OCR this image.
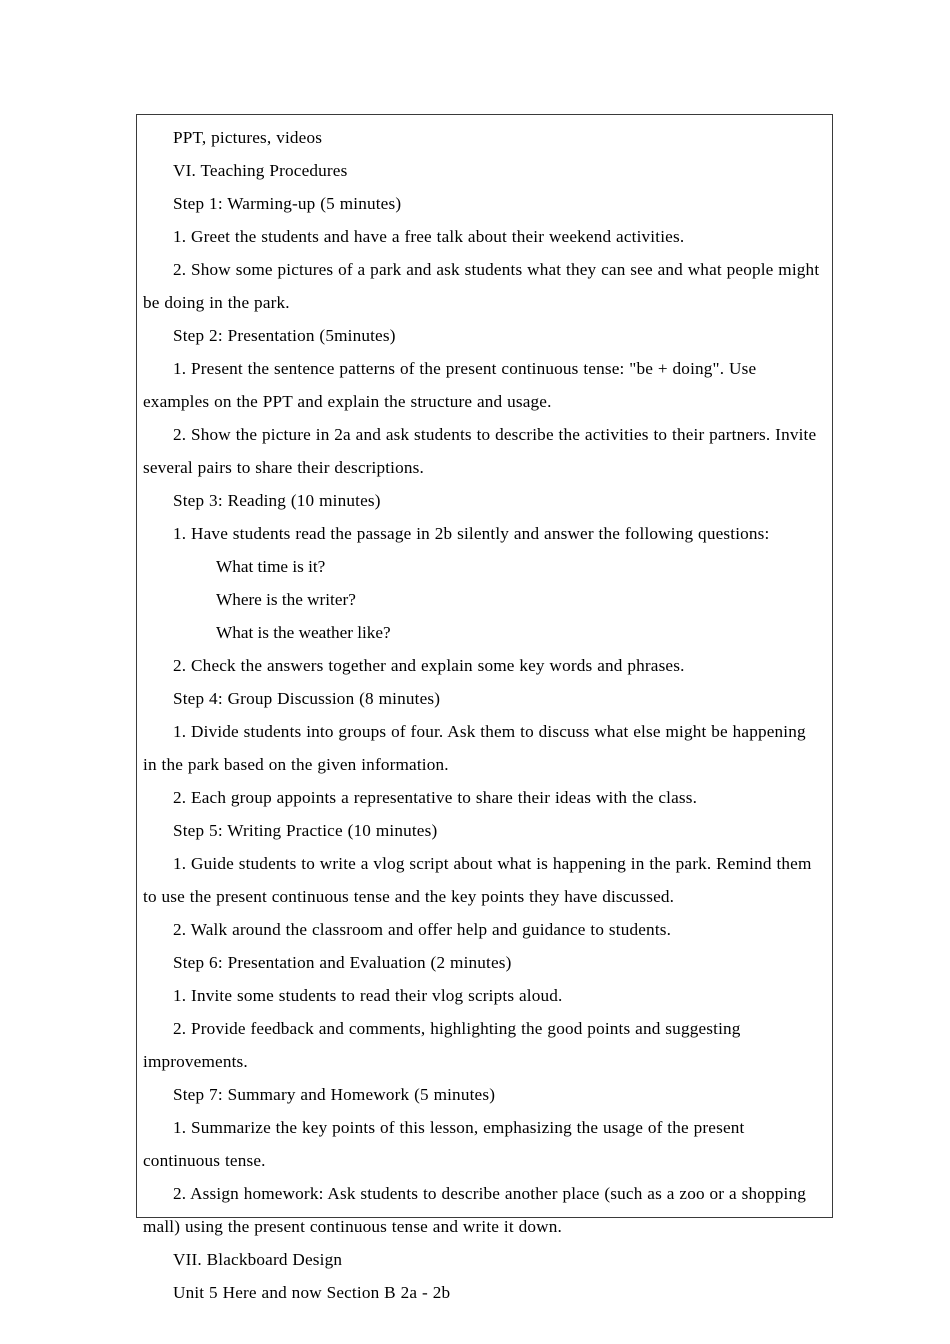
PPT, pictures, videos

VI. Teaching Procedures

Step 1: Warming-up (5 minutes)

1. Greet the students and have a free talk about their weekend activities.

2. Show some pictures of a park and ask students what they can see and what people might be doing in the park.

Step 2: Presentation (5minutes)

1. Present the sentence patterns of the present continuous tense: "be + doing". Use examples on the PPT and explain the structure and usage.

2. Show the picture in 2a and ask students to describe the activities to their partners. Invite several pairs to share their descriptions.

Step 3: Reading (10 minutes)

1. Have students read the passage in 2b silently and answer the following questions:

What time is it?

Where is the writer?

What is the weather like?

2. Check the answers together and explain some key words and phrases.

Step 4: Group Discussion (8 minutes)

1. Divide students into groups of four. Ask them to discuss what else might be happening in the park based on the given information.

2. Each group appoints a representative to share their ideas with the class.

Step 5: Writing Practice (10 minutes)

1. Guide students to write a vlog script about what is happening in the park. Remind them to use the present continuous tense and the key points they have discussed.

2. Walk around the classroom and offer help and guidance to students.

Step 6: Presentation and Evaluation (2 minutes)

1. Invite some students to read their vlog scripts aloud.

2. Provide feedback and comments, highlighting the good points and suggesting improvements.

Step 7: Summary and Homework (5 minutes)

1. Summarize the key points of this lesson, emphasizing the usage of the present continuous tense.

2. Assign homework: Ask students to describe another place (such as a zoo or a shopping mall) using the present continuous tense and write it down.

VII. Blackboard Design

Unit 5 Here and now Section B 2a - 2b
